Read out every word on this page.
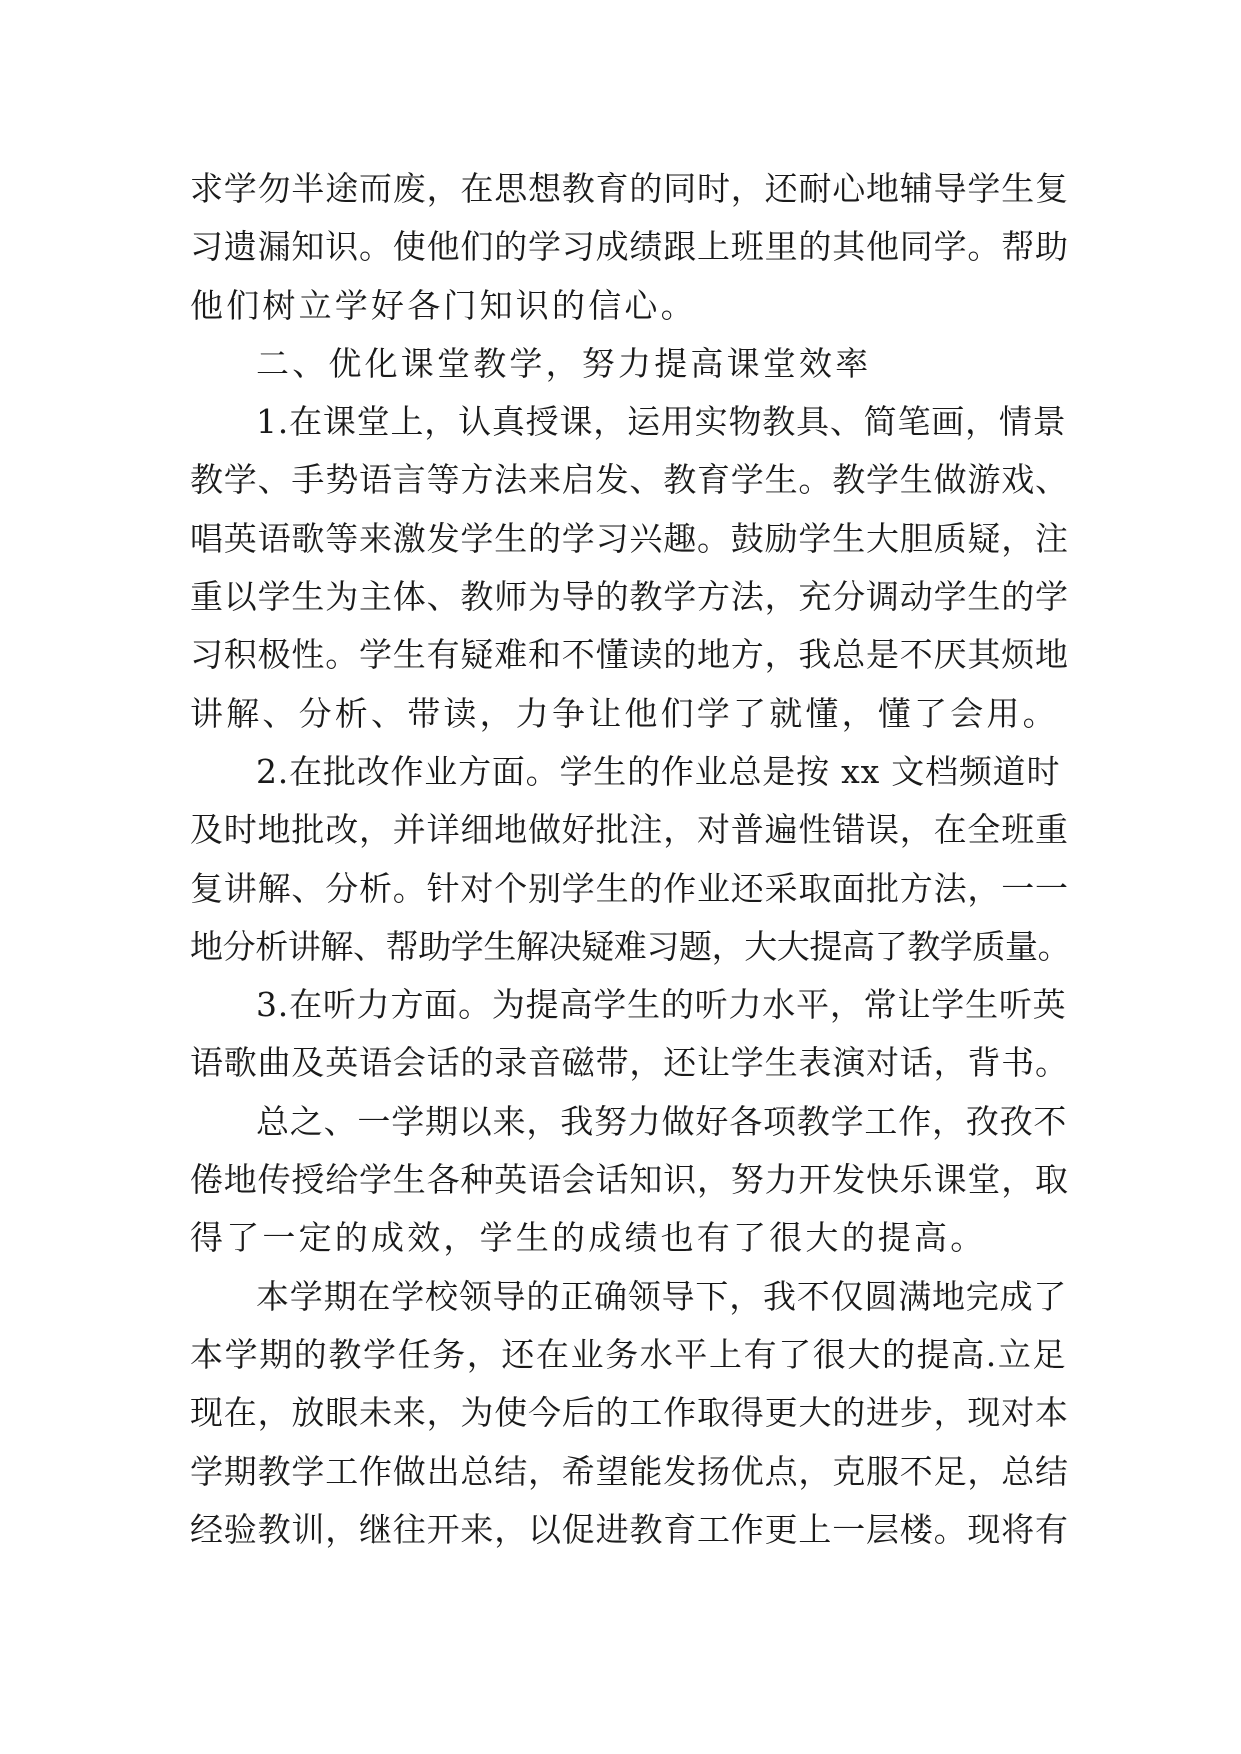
求学勿半途而废，在思想教育的同时，还耐心地辅导学生复
习遗漏知识。使他们的学习成绩跟上班里的其他同学。帮助
他们树立学好各门知识的信心。
二、优化课堂教学，努力提高课堂效率
1.在课堂上，认真授课，运用实物教具、简笔画，情景
教学、手势语言等方法来启发、教育学生。教学生做游戏、
唱英语歌等来激发学生的学习兴趣。鼓励学生大胆质疑，注
重以学生为主体、教师为导的教学方法，充分调动学生的学
习积极性。学生有疑难和不懂读的地方，我总是不厌其烦地
讲解、分析、带读，力争让他们学了就懂，懂了会用。
2.在批改作业方面。学生的作业总是按 xx 文档频道时
及时地批改，并详细地做好批注，对普遍性错误，在全班重
复讲解、分析。针对个别学生的作业还采取面批方法，一一
地分析讲解、帮助学生解决疑难习题，大大提高了教学质量。
3.在听力方面。为提高学生的听力水平，常让学生听英
语歌曲及英语会话的录音磁带，还让学生表演对话，背书。
总之、一学期以来，我努力做好各项教学工作，孜孜不
倦地传授给学生各种英语会话知识，努力开发快乐课堂，取
得了一定的成效，学生的成绩也有了很大的提高。
本学期在学校领导的正确领导下，我不仅圆满地完成了
本学期的教学任务，还在业务水平上有了很大的提高.立足
现在，放眼未来，为使今后的工作取得更大的进步，现对本
学期教学工作做出总结，希望能发扬优点，克服不足，总结
经验教训，继往开来，以促进教育工作更上一层楼。现将有
